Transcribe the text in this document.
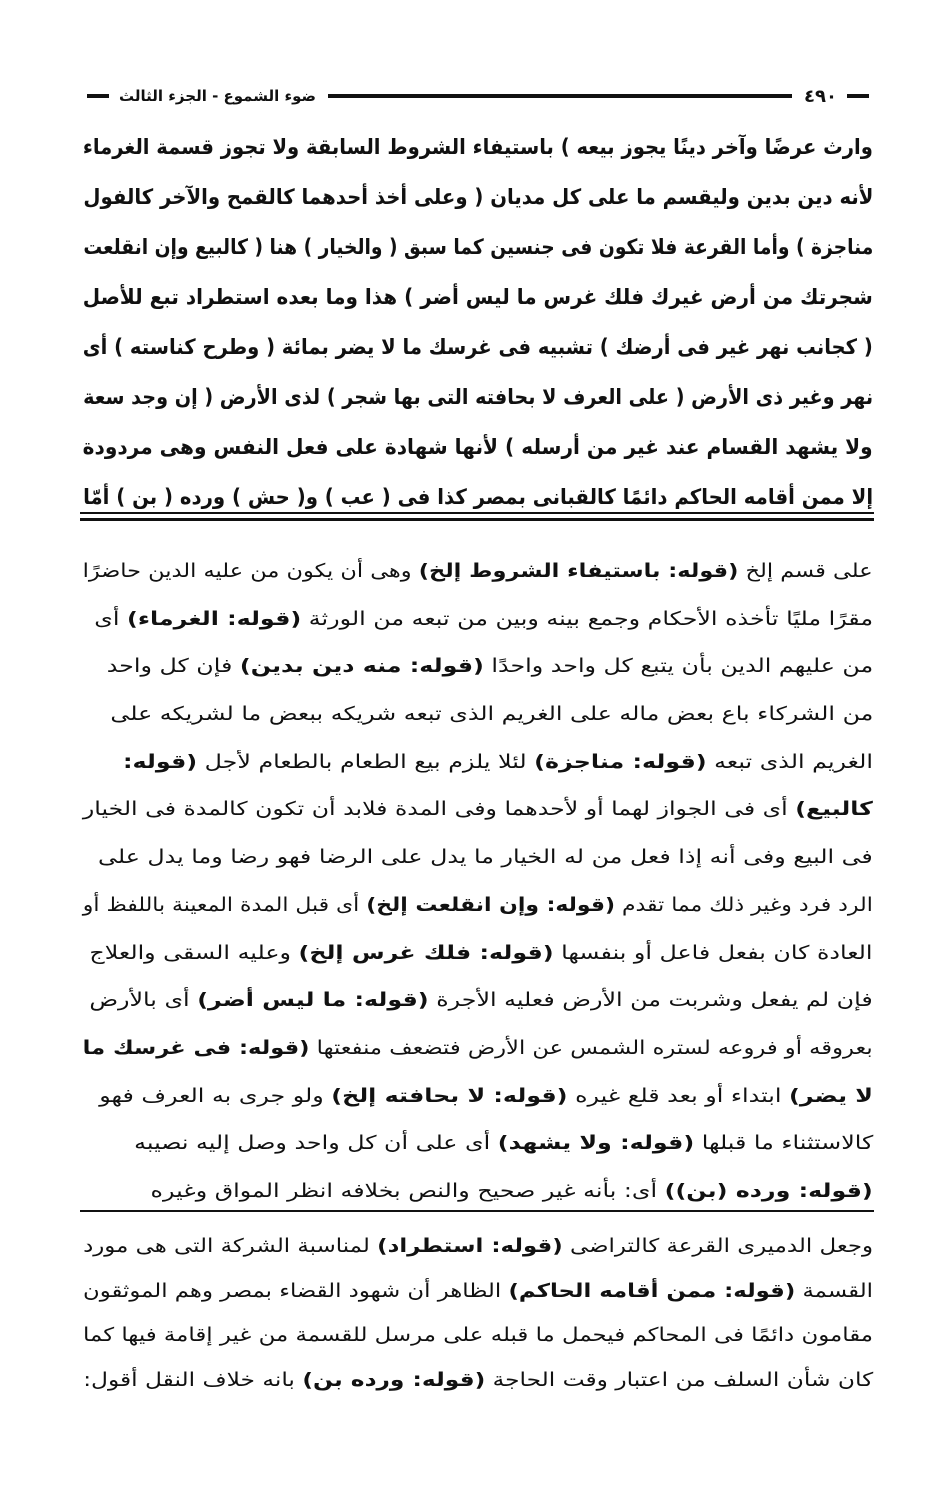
٤٩٠
ضوء الشموع - الجزء الثالث
وارث عرضًا وآخر دينًا يجوز بيعه ) باستيفاء الشروط السابقة ولا تجوز قسمة الغرماء
لأنه دين بدين وليقسم ما على كل مديان ( وعلى أخذ أحدهما كالقمح والآخر كالفول
مناجزة ) وأما القرعة فلا تكون فى جنسين كما سبق ( والخيار ) هنا ( كالبيع وإن انقلعت
شجرتك من أرض غيرك فلك غرس ما ليس أضر ) هذا وما بعده استطراد تبع للأصل
( كجانب نهر غير فى أرضك ) تشبيه فى غرسك ما لا يضر بمائة ( وطرح كناسته ) أى
نهر وغير ذى الأرض ( على العرف لا بحافته التى بها شجر ) لذى الأرض ( إن وجد سعة
ولا يشهد القسام عند غير من أرسله ) لأنها شهادة على فعل النفس وهى مردودة
إلا ممن أقامه الحاكم دائمًا كالقبانى بمصر كذا فى ( عب ) و( حش ) ورده ( بن ) أمّا
على قسم إلخ (قوله: باستيفاء الشروط إلخ) وهى أن يكون من عليه الدين حاضرًا
مقرًا مليًا تأخذه الأحكام وجمع بينه وبين من تبعه من الورثة (قوله: الغرماء) أى
من عليهم الدين بأن يتبع كل واحد واحدًا (قوله: منه دين بدين) فإن كل واحد
من الشركاء باع بعض ماله على الغريم الذى تبعه شريكه ببعض ما لشريكه على
الغريم الذى تبعه (قوله: مناجزة) لئلا يلزم بيع الطعام بالطعام لأجل (قوله:
كالبيع) أى فى الجواز لهما أو لأحدهما وفى المدة فلابد أن تكون كالمدة فى الخيار
فى البيع وفى أنه إذا فعل من له الخيار ما يدل على الرضا فهو رضا وما يدل على
الرد فرد وغير ذلك مما تقدم (قوله: وإن انقلعت إلخ) أى قبل المدة المعينة باللفظ أو
العادة كان بفعل فاعل أو بنفسها (قوله: فلك غرس إلخ) وعليه السقى والعلاج
فإن لم يفعل وشربت من الأرض فعليه الأجرة (قوله: ما ليس أضر) أى بالأرض
بعروقه أو فروعه لستره الشمس عن الأرض فتضعف منفعتها (قوله: فى غرسك ما
لا يضر) ابتداء أو بعد قلع غيره (قوله: لا بحافته إلخ) ولو جرى به العرف فهو
كالاستثناء ما قبلها (قوله: ولا يشهد) أى على أن كل واحد وصل إليه نصيبه
(قوله: ورده (بن)) أى: بأنه غير صحيح والنص بخلافه انظر المواق وغيره
وجعل الدميرى القرعة كالتراضى (قوله: استطراد) لمناسبة الشركة التى هى مورد
القسمة (قوله: ممن أقامه الحاكم) الظاهر أن شهود القضاء بمصر وهم الموثقون
مقامون دائمًا فى المحاكم فيحمل ما قبله على مرسل للقسمة من غير إقامة فيها كما
كان شأن السلف من اعتبار وقت الحاجة (قوله: ورده بن) بانه خلاف النقل أقول:
